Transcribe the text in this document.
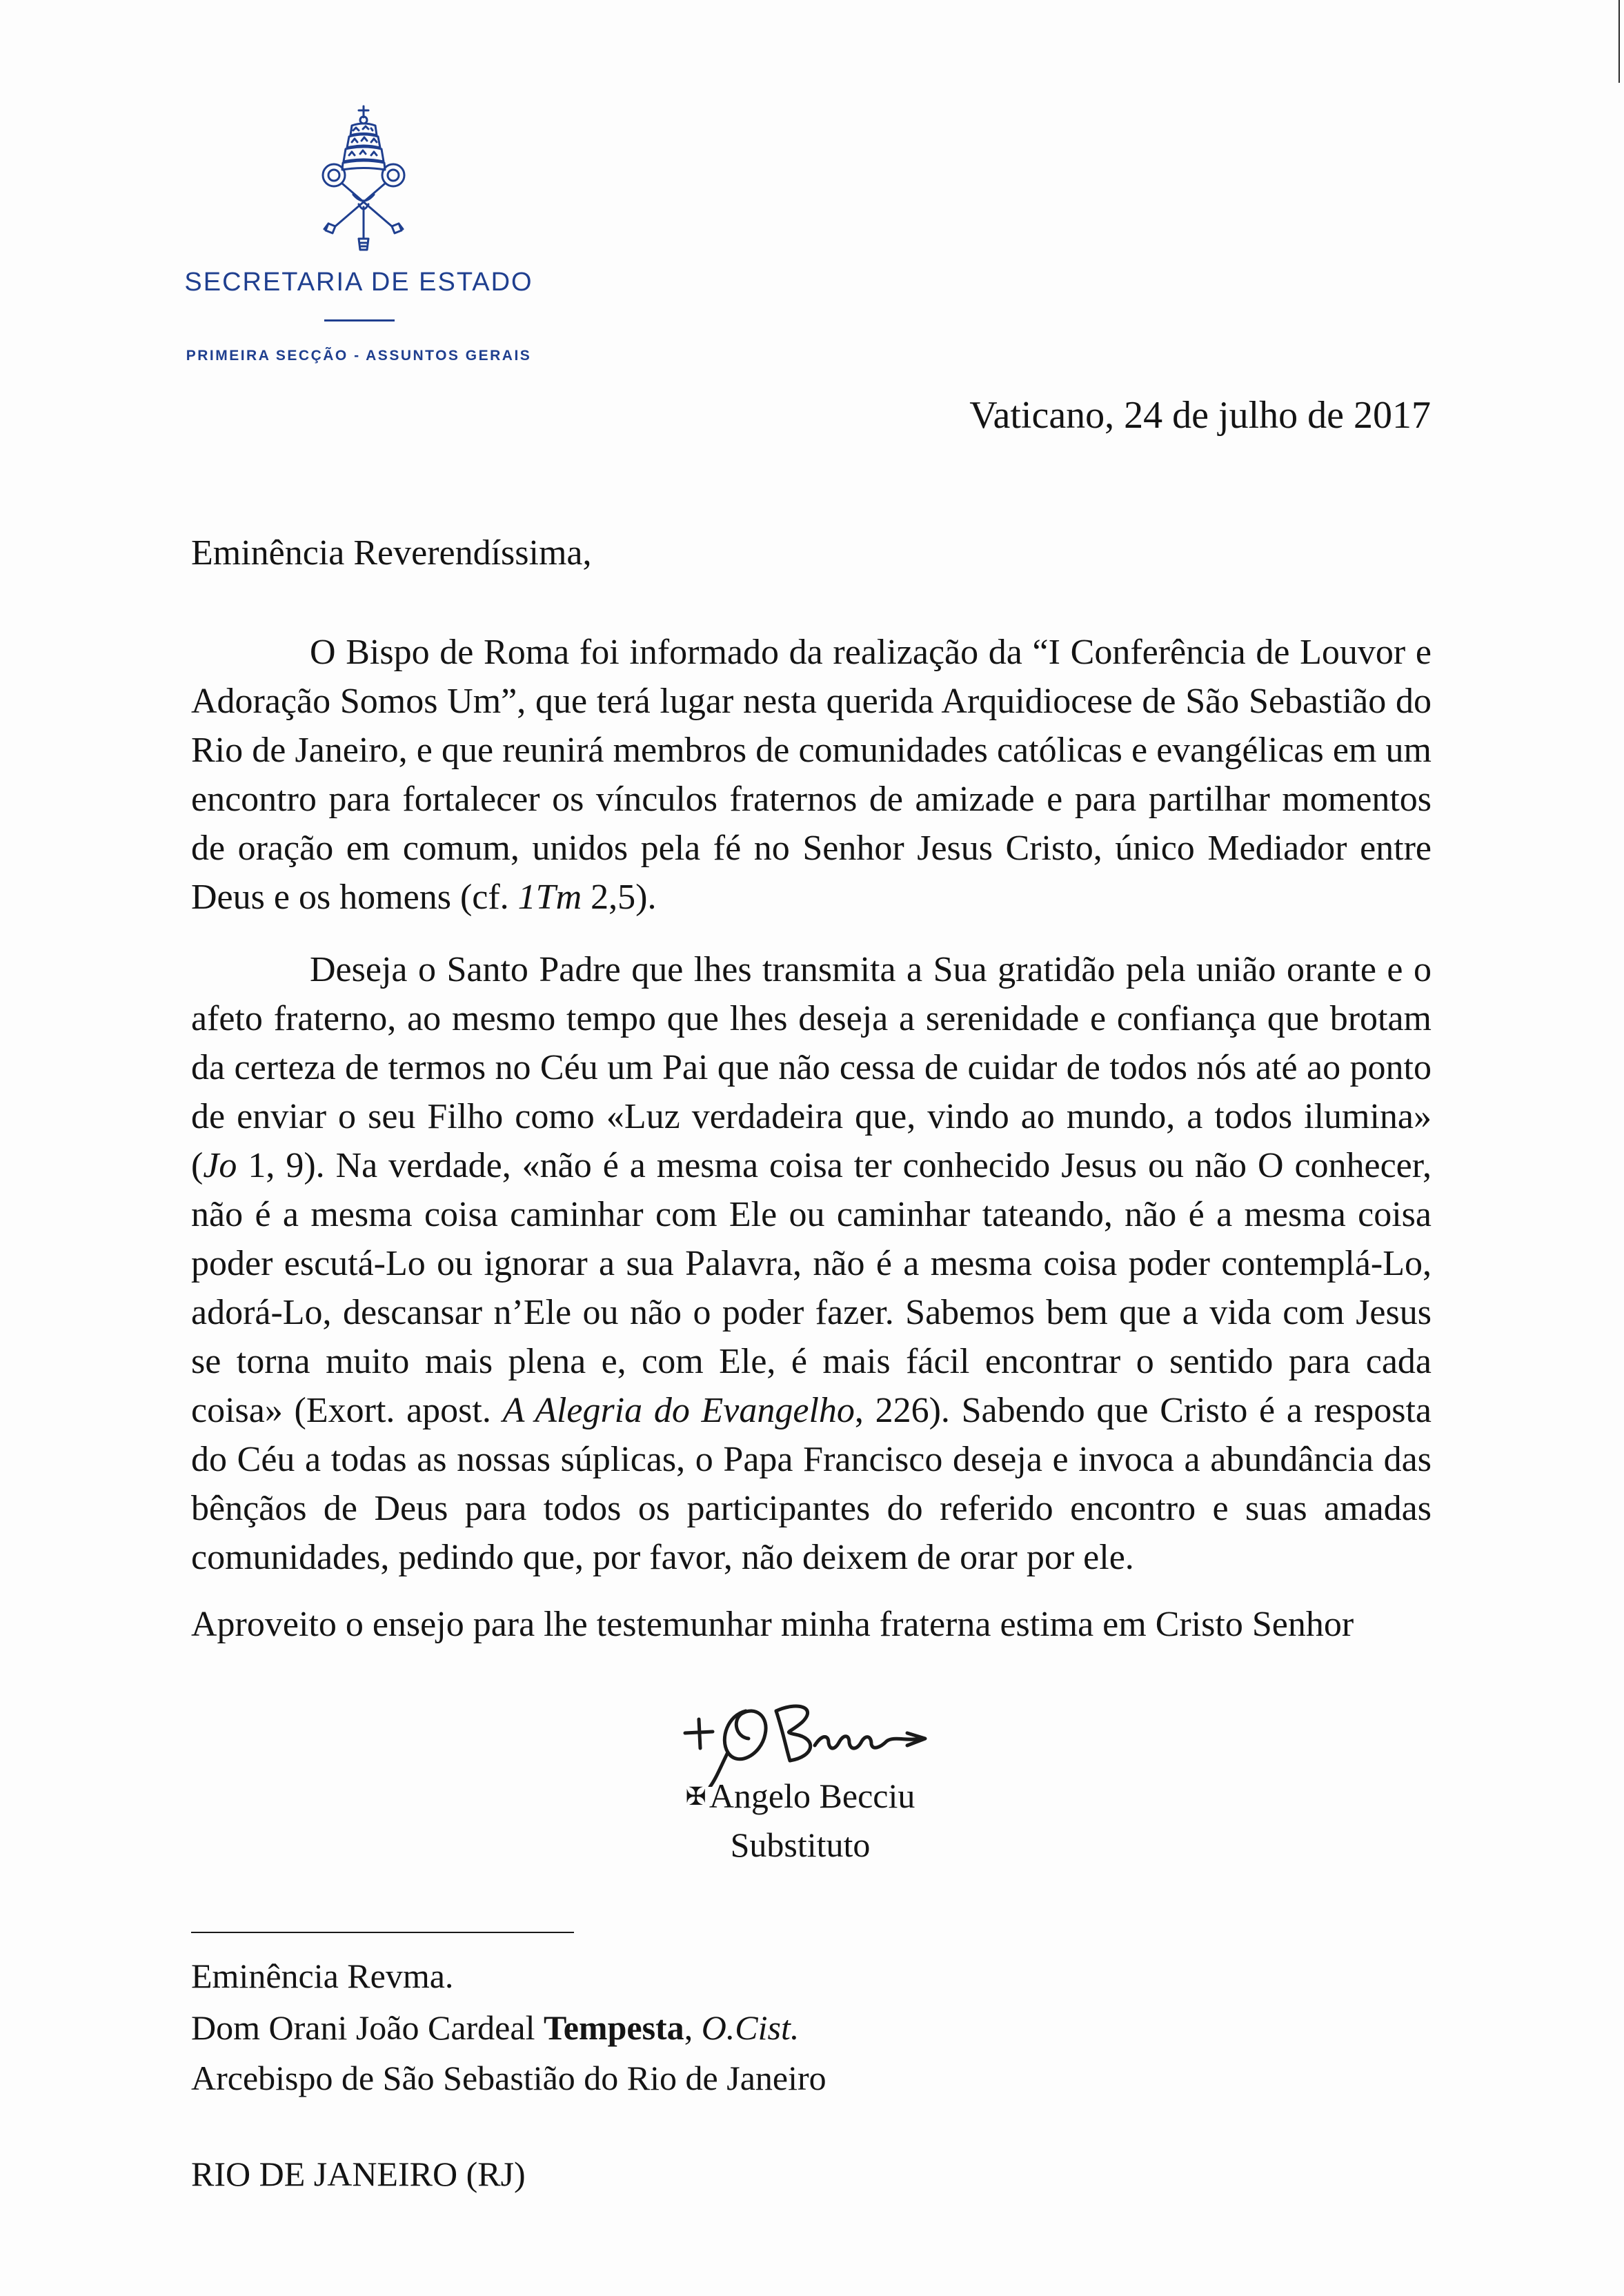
SECRETARIA DE ESTADO
PRIMEIRA SECÇÃO - ASSUNTOS GERAIS
Vaticano, 24 de julho de 2017
Eminência Reverendíssima,

O Bispo de Roma foi informado da realização da “I Conferência de Louvor e Adoração Somos Um”, que terá lugar nesta querida Arquidiocese de São Sebastião do Rio de Janeiro, e que reunirá membros de comunidades católicas e evangélicas em um encontro para fortalecer os vínculos fraternos de amizade e para partilhar momentos de oração em comum, unidos pela fé no Senhor Jesus Cristo, único Mediador entre Deus e os homens (cf. 1Tm 2,5).

Deseja o Santo Padre que lhes transmita a Sua gratidão pela união orante e o afeto fraterno, ao mesmo tempo que lhes deseja a serenidade e confiança que brotam da certeza de termos no Céu um Pai que não cessa de cuidar de todos nós até ao ponto de enviar o seu Filho como «Luz verdadeira que, vindo ao mundo, a todos ilumina» (Jo 1, 9). Na verdade, «não é a mesma coisa ter conhecido Jesus ou não O conhecer, não é a mesma coisa caminhar com Ele ou caminhar tateando, não é a mesma coisa poder escutá-Lo ou ignorar a sua Palavra, não é a mesma coisa poder contemplá-Lo, adorá-Lo, descansar n’Ele ou não o poder fazer. Sabemos bem que a vida com Jesus se torna muito mais plena e, com Ele, é mais fácil encontrar o sentido para cada coisa» (Exort. apost. A Alegria do Evangelho, 226). Sabendo que Cristo é a resposta do Céu a todas as nossas súplicas, o Papa Francisco deseja e invoca a abundância das bênçãos de Deus para todos os participantes do referido encontro e suas amadas comunidades, pedindo que, por favor, não deixem de orar por ele.

Aproveito o ensejo para lhe testemunhar minha fraterna estima em Cristo Senhor
✠Angelo Becciu
Substituto
Eminência Revma.
Dom Orani João Cardeal Tempesta, O.Cist.
Arcebispo de São Sebastião do Rio de Janeiro
RIO DE JANEIRO (RJ)
